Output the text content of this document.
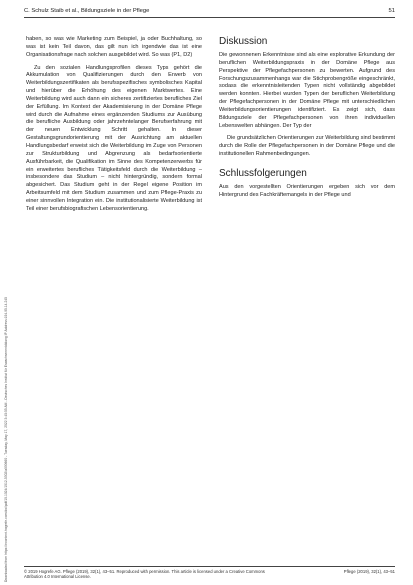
Downloaded from https://econtent.hogrefe.com/doi/pdf/10.1024/1012-5302/a000660 - Tuesday, May 17, 2022 3:45:55 AM - Deutsches Institut für Erwachsenenbildung IP Address:194.95.14.245
C. Schulz Staib et al., Bildungsziele in der Pflege	51

haben, so was wie Marketing zum Beispiel, ja oder Buchhaltung, so was ist kein Teil davon, das gilt nun ich irgendwie das ist eine Organisationsfrage nach solchen ausgebildet wird. So was (P1, D2)

Zu den sozialen Handlungsprofilen dieses Typs gehört die Akkumulation von Qualifizierungen durch den Erwerb von Weiterbildungszertifikaten als berufsspezifisches symbolisches Kapital und hierüber die Erhöhung des eigenen Marktwertes. Eine Weiterbildung wird auch dann ein sicheres zertifiziertes berufliches Ziel der Erfüllung. Im Kontext der Akademisierung in der Domäne Pflege wird durch die Aufnahme eines ergänzenden Studiums zur Ausübung die berufliche Ausbildung oder jahrzehntelanger Berufserfahrung mit der neuen Entwicklung Schritt gehalten. In dieser Gestaltungsgrundorientierung mit der Ausrichtung am aktuellen Handlungsbedarf erweist sich die Weiterbildung im Zuge von Personen zur Strukturbildung und Abgrenzung als bedarfsorientierte Ausführbarkeit, die Qualifikation im Sinne des Kompetenzerwerbs für ein erweitertes berufliches Tätigkeitsfeld durch die Weiterbildung – insbesondere das Studium – nicht hintergründig, sondern formal abgesichert. Das Studium geht in der Regel eigene Position im Arbeitsumfeld mit dem Studium zusammen und zum Pflege-Praxis zu einer sinnvollen Integration ein. Die institutionalisierte Weiterbildung ist Teil einer berufsbiografischen Lebensorientierung.

Diskussion

Die gewonnenen Erkenntnisse sind als eine explorative Erkundung der beruflichen Weiterbildungspraxis in der Domäne Pflege aus Perspektive der Pflegefachpersonen zu bewerten. Aufgrund des Forschungszusammenhangs war die Stichprobengröße eingeschränkt, sodass die erkenntnisleitenden Typen nicht vollständig abgebildet werden konnten. Hierbei wurden Typen der beruflichen Weiterbildung der Pflegefachpersonen in der Domäne Pflege mit unterschiedlichen Weiterbildungsorientierungen identifiziert. Es zeigt sich, dass Bildungsziele der Pflegefachpersonen von ihren individuellen Lebenswelten abhängen. Der Typ der

Die grundsätzlichen Orientierungen zur Weiterbildung sind bestimmt durch die Rolle der Pflegefachpersonen in der Domäne Pflege und die institutionellen Rahmenbedingungen.

Schlussfolgerungen

Aus den vorgestellten Orientierungen ergeben sich vor dem Hintergrund des Fachkräftemangels in der Pflege und

© 2019 Hogrefe AG. Pflege (2019), 32(1), 43–51. Reproduced with permission. This article is licensed under a Creative Commons Attribution 4.0 International License.
Pflege (2019), 32(1), 43–51
